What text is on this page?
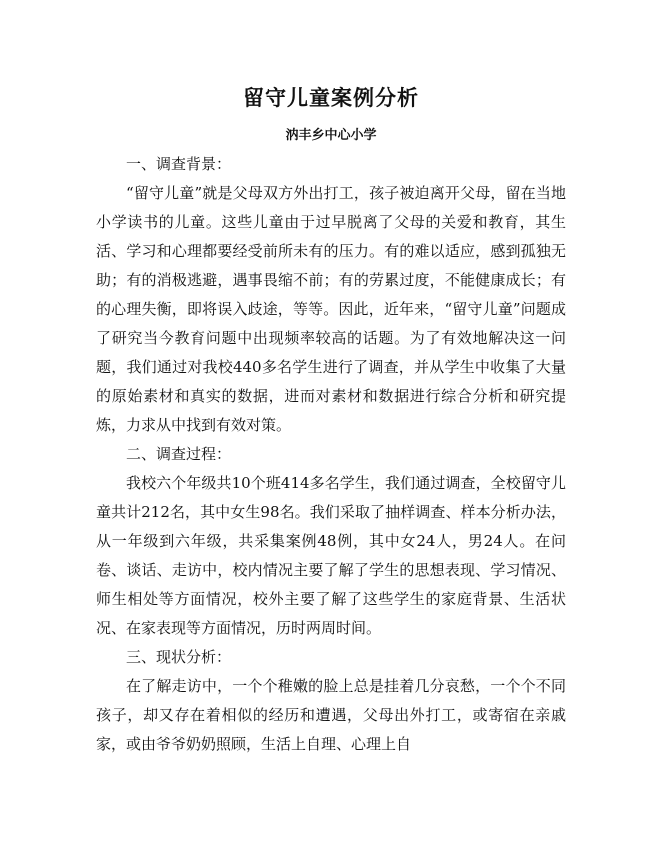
留守儿童案例分析
汭丰乡中心小学

一、调查背景：

“留守儿童”就是父母双方外出打工，孩子被迫离开父母，留在当地小学读书的儿童。这些儿童由于过早脱离了父母的关爱和教育，其生活、学习和心理都要经受前所未有的压力。有的难以适应，感到孤独无助；有的消极逃避，遇事畏缩不前；有的劳累过度，不能健康成长；有的心理失衡，即将误入歧途，等等。因此，近年来，“留守儿童”问题成了研究当今教育问题中出现频率较高的话题。为了有效地解决这一问题，我们通过对我校440多名学生进行了调查，并从学生中收集了大量的原始素材和真实的数据，进而对素材和数据进行综合分析和研究提炼，力求从中找到有效对策。

二、调查过程：

我校六个年级共10个班414多名学生，我们通过调查，全校留守儿童共计212名，其中女生98名。我们采取了抽样调查、样本分析办法，从一年级到六年级，共采集案例48例，其中女24人，男24人。在问卷、谈话、走访中，校内情况主要了解了学生的思想表现、学习情况、师生相处等方面情况，校外主要了解了这些学生的家庭背景、生活状况、在家表现等方面情况，历时两周时间。

三、现状分析：

在了解走访中，一个个稚嫩的脸上总是挂着几分哀愁，一个个不同孩子，却又存在着相似的经历和遭遇，父母出外打工，或寄宿在亲戚家，或由爷爷奶奶照顾，生活上自理、心理上自
